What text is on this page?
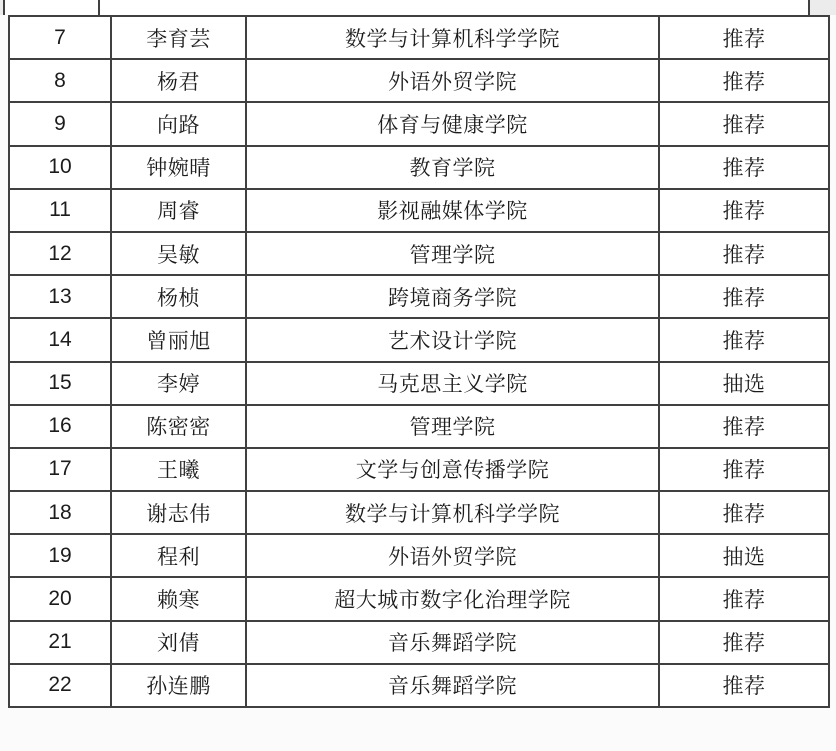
7	李育芸	数学与计算机科学学院	推荐
8	杨君	外语外贸学院	推荐
9	向路	体育与健康学院	推荐
10	钟婉晴	教育学院	推荐
11	周睿	影视融媒体学院	推荐
12	吴敏	管理学院	推荐
13	杨桢	跨境商务学院	推荐
14	曾丽旭	艺术设计学院	推荐
15	李婷	马克思主义学院	抽选
16	陈密密	管理学院	推荐
17	王曦	文学与创意传播学院	推荐
18	谢志伟	数学与计算机科学学院	推荐
19	程利	外语外贸学院	抽选
20	赖寒	超大城市数字化治理学院	推荐
21	刘倩	音乐舞蹈学院	推荐
22	孙连鹏	音乐舞蹈学院	推荐
